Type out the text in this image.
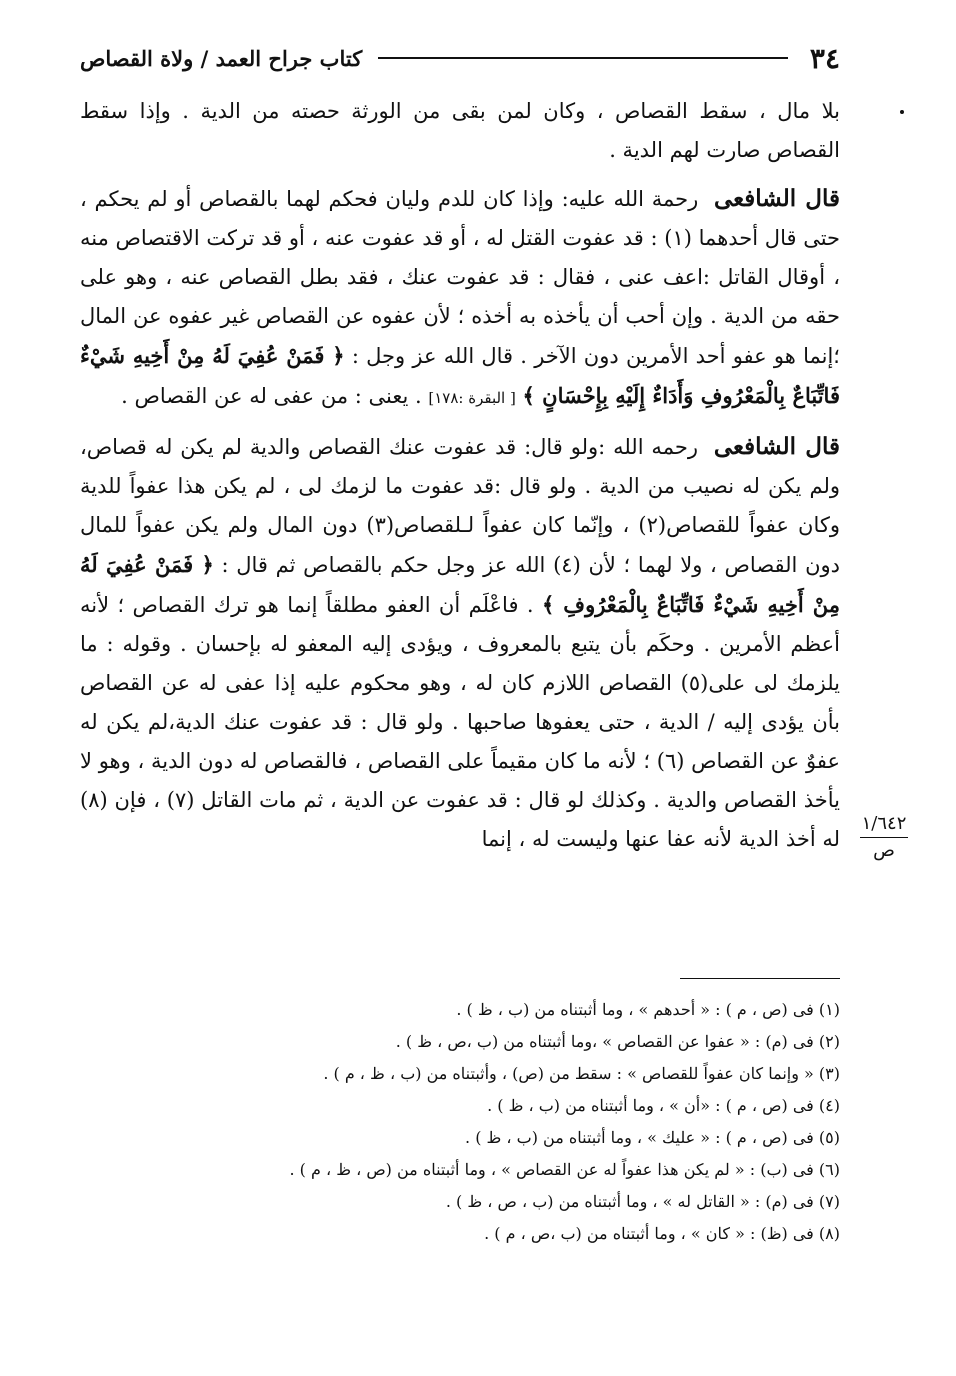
٣٤
كتاب جراح العمد / ولاة القصاص
١/٦٤٢
ص

بلا مال ، سقط القصاص ، وكان لمن بقى من الورثة حصته من الدية . وإذا سقط القصاص صارت لهم الدية .

قال الشافعى رحمة الله عليه: وإذا كان للدم وليان فحكم لهما بالقصاص أو لم يحكم ، حتى قال أحدهما (١) : قد عفوت القتل له ، أو قد عفوت عنه ، أو قد تركت الاقتصاص منه ، أوقال القاتل :اعف عنى ، فقال : قد عفوت عنك ، فقد بطل القصاص عنه ، وهو على حقه من الدية . وإن أحب أن يأخذه به أخذه ؛ لأن عفوه عن القصاص غير عفوه عن المال ؛إنما هو عفو أحد الأمرين دون الآخر . قال الله عز وجل : ﴿ فَمَنْ عُفِيَ لَهُ مِنْ أَخِيهِ شَيْءٌ فَاتِّبَاعٌ بِالْمَعْرُوفِ وَأَدَاءٌ إِلَيْهِ بِإِحْسَانٍ ﴾ [ البقرة :١٧٨] . يعنى : من عفى له عن القصاص .

قال الشافعى رحمه الله :ولو قال: قد عفوت عنك القصاص والدية لم يكن له قصاص، ولم يكن له نصيب من الدية . ولو قال :قد عفوت ما لزمك لى ، لم يكن هذا عفواً للدية وكان عفواً للقصاص(٢) ، وإنّما كان عفواً لـلقصاص(٣) دون المال ولم يكن عفواً للمال دون القصاص ، ولا لهما ؛ لأن (٤) الله عز وجل حكم بالقصاص ثم قال : ﴿ فَمَنْ عُفِيَ لَهُ مِنْ أَخِيهِ شَيْءٌ فَاتِّبَاعٌ بِالْمَعْرُوفِ ﴾ . فاعْلَم أن العفو مطلقاً إنما هو ترك القصاص ؛ لأنه أعظم الأمرين . وحكَم بأن يتبع بالمعروف ، ويؤدى إليه المعفو له بإحسان . وقوله : ما يلزمك لى على(٥) القصاص اللازم كان له ، وهو محكوم عليه إذا عفى له عن القصاص بأن يؤدى إليه / الدية ، حتى يعفوها صاحبها . ولو قال : قد عفوت عنك الدية،لم يكن له عفوٌ عن القصاص (٦) ؛ لأنه ما كان مقيماً على القصاص ، فالقصاص له دون الدية ، وهو لا يأخذ القصاص والدية . وكذلك لو قال : قد عفوت عن الدية ، ثم مات القاتل (٧) ، فإن (٨) له أخذ الدية لأنه عفا عنها وليست له ، إنما

(١) فى (ص ، م ) : « أحدهم » ، وما أثبتناه من (ب ، ظ ) .
(٢) فى (م) : « عفوا عن القصاص » ،وما أثبتناه من (ب ،ص ، ظ ) .
(٣) « وإنما كان عفواً للقصاص » : سقط من (ص) ، وأثبتناه من (ب ، ظ ، م ) .
(٤) فى (ص ، م ) : «أن » ، وما أثبتناه من (ب ، ظ ) .
(٥) فى (ص ، م ) : « عليك » ، وما أثبتناه من (ب ، ظ ) .
(٦) فى (ب) : « لم يكن هذا عفواً له عن القصاص » ، وما أثبتناه من (ص ، ظ ، م ) .
(٧) فى (م) : « القاتل له » ، وما أثبتناه من (ب ، ص ، ظ ) .
(٨) فى (ظ) : « كان » ، وما أثبتناه من (ب ،ص ، م ) .
